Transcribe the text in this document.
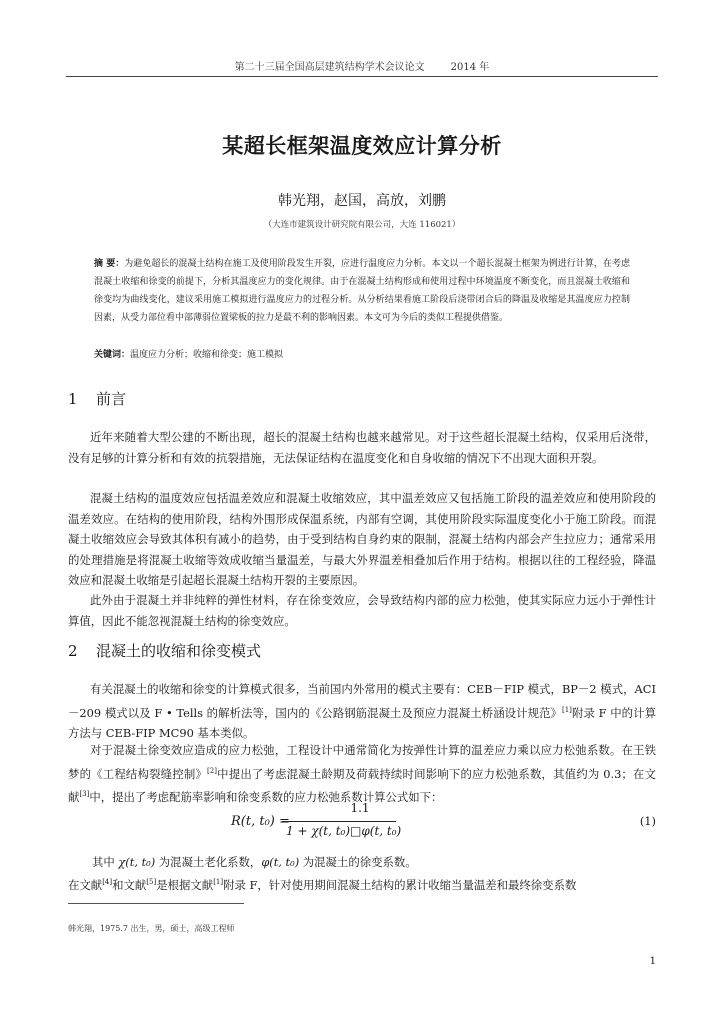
第二十三届全国高层建筑结构学术会议论文	2014 年
某超长框架温度效应计算分析
韩光翔，赵国，高放，刘鹏
（大连市建筑设计研究院有限公司，大连 116021）
摘 要：为避免超长的混凝土结构在施工及使用阶段发生开裂，应进行温度应力分析。本文以一个超长混凝土框架为例进行计算，在考虑混凝土收缩和徐变的前提下，分析其温度应力的变化规律。由于在混凝土结构形成和使用过程中环境温度不断变化，而且混凝土收缩和徐变均为曲线变化，建议采用施工模拟进行温度应力的过程分析。从分析结果看施工阶段后浇带闭合后的降温及收缩是其温度应力控制因素，从受力部位看中部薄弱位置梁板的拉力是最不利的影响因素。本文可为今后的类似工程提供借鉴。
关键词：温度应力分析；收缩和徐变；施工模拟
1 前言
近年来随着大型公建的不断出现，超长的混凝土结构也越来越常见。对于这些超长混凝土结构，仅采用后浇带，没有足够的计算分析和有效的抗裂措施，无法保证结构在温度变化和自身收缩的情况下不出现大面积开裂。
混凝土结构的温度效应包括温差效应和混凝土收缩效应，其中温差效应又包括施工阶段的温差效应和使用阶段的温差效应。在结构的使用阶段，结构外围形成保温系统，内部有空调，其使用阶段实际温度变化小于施工阶段。而混凝土收缩效应会导致其体积有减小的趋势，由于受到结构自身约束的限制，混凝土结构内部会产生拉应力；通常采用的处理措施是将混凝土收缩等效成收缩当量温差，与最大外界温差相叠加后作用于结构。根据以往的工程经验，降温效应和混凝土收缩是引起超长混凝土结构开裂的主要原因。
此外由于混凝土并非纯粹的弹性材料，存在徐变效应，会导致结构内部的应力松弛，使其实际应力远小于弹性计算值，因此不能忽视混凝土结构的徐变效应。
2 混凝土的收缩和徐变模式
有关混凝土的收缩和徐变的计算模式很多，当前国内外常用的模式主要有：CEB－FIP 模式，BP－2 模式，ACI－209 模式以及 F • Tells 的解析法等，国内的《公路钢筋混凝土及预应力混凝土桥涵设计规范》[1]附录 F 中的计算方法与 CEB-FIP MC90 基本类似。
对于混凝土徐变效应造成的应力松弛，工程设计中通常简化为按弹性计算的温差应力乘以应力松弛系数。在王铁梦的《工程结构裂缝控制》[2]中提出了考虑混凝土龄期及荷载持续时间影响下的应力松弛系数，其值约为 0.3；在文献[3]中，提出了考虑配筋率影响和徐变系数的应力松弛系数计算公式如下：
R(t, t₀) =
1.1
1 + χ(t, t₀)□φ(t, t₀)
(1)
其中 χ(t, t₀) 为混凝土老化系数，φ(t, t₀) 为混凝土的徐变系数。
在文献[4]和文献[5]是根据文献[1]附录 F，针对使用期间混凝土结构的累计收缩当量温差和最终徐变系数
韩光翔，1975.7 出生，男，硕士，高级工程师
1
